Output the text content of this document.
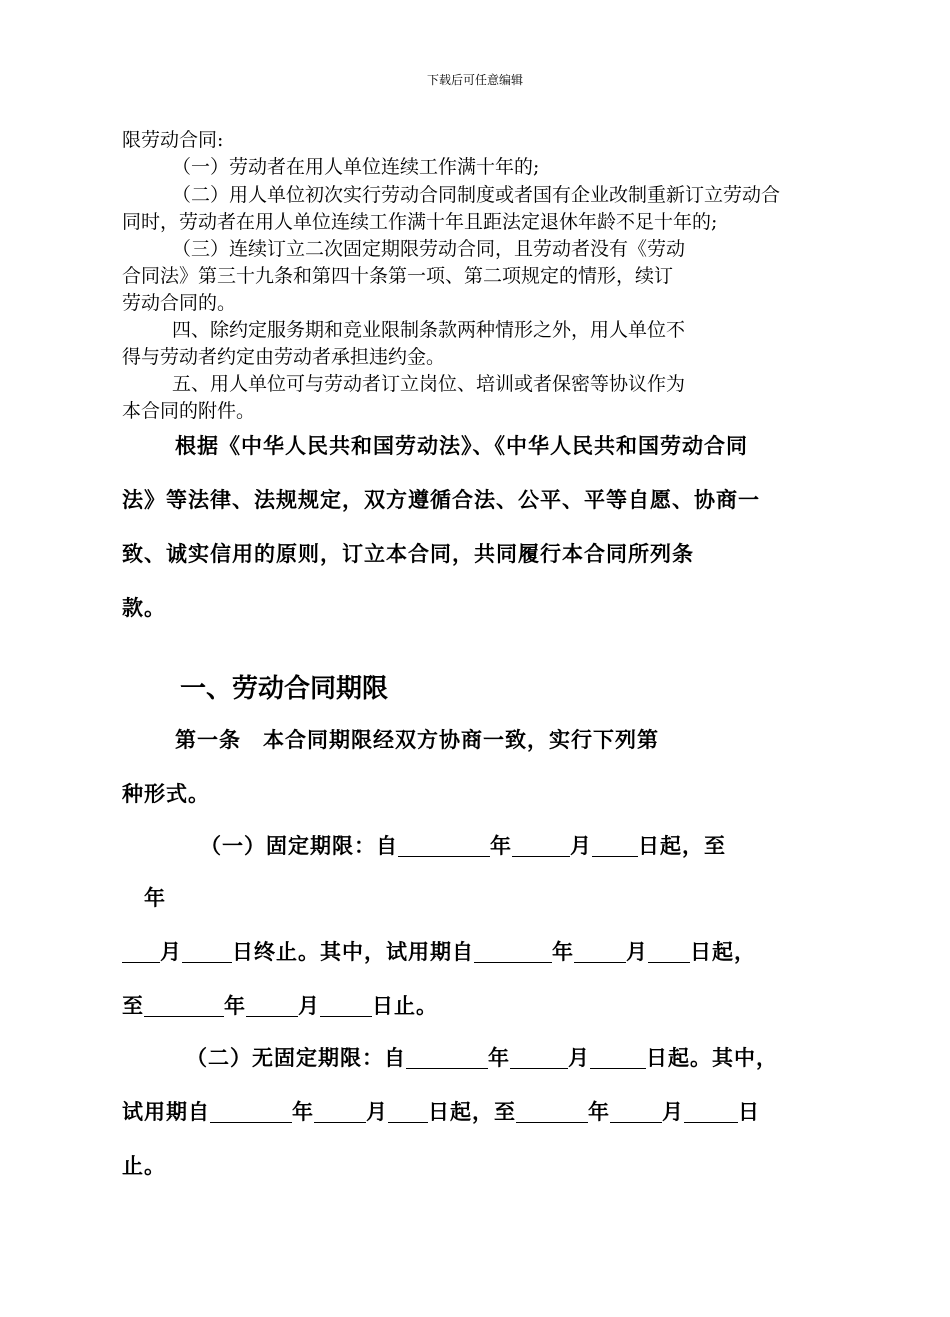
下载后可任意编辑
限劳动合同:
（一）劳动者在用人单位连续工作满十年的;
（二）用人单位初次实行劳动合同制度或者国有企业改制重新订立劳动合
同时，劳动者在用人单位连续工作满十年且距法定退休年龄不足十年的;
（三）连续订立二次固定期限劳动合同，且劳动者没有《劳动
合同法》第三十九条和第四十条第一项、第二项规定的情形，续订
劳动合同的。
四、除约定服务期和竞业限制条款两种情形之外，用人单位不
得与劳动者约定由劳动者承担违约金。
五、用人单位可与劳动者订立岗位、培训或者保密等协议作为
本合同的附件。
根据《中华人民共和国劳动法》、《中华人民共和国劳动合同
法》等法律、法规规定，双方遵循合法、公平、平等自愿、协商一
致、诚实信用的原则，订立本合同，共同履行本合同所列条
款。
一、劳动合同期限
第一条　本合同期限经双方协商一致，实行下列第
种形式。
（一）固定期限：自	年	月 日起，至
年
月 日终止。其中，试用期自	年 月 日起，
至	年 月 日止。
（二）无固定期限：自	年	月	日起。其中，
试用期自	年 月 日起，至	年 月	日
止。
